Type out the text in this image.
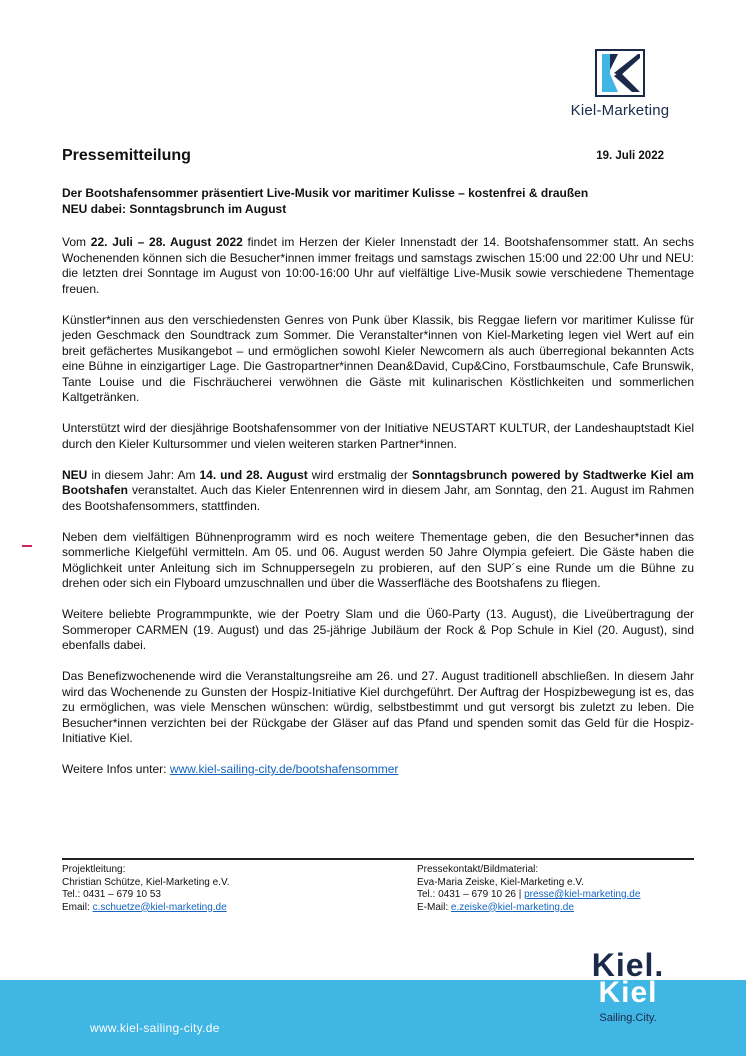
Kiel-Marketing
Pressemitteilung	19. Juli 2022
Der Bootshafensommer präsentiert Live-Musik vor maritimer Kulisse – kostenfrei & draußen
NEU dabei: Sonntagsbrunch im August

Vom 22. Juli – 28. August 2022 findet im Herzen der Kieler Innenstadt der 14. Bootshafensommer statt. An sechs Wochenenden können sich die Besucher*innen immer freitags und samstags zwischen 15:00 und 22:00 Uhr und NEU: die letzten drei Sonntage im August von 10:00-16:00 Uhr auf vielfältige Live-Musik sowie verschiedene Thementage freuen.

Künstler*innen aus den verschiedensten Genres von Punk über Klassik, bis Reggae liefern vor maritimer Kulisse für jeden Geschmack den Soundtrack zum Sommer. Die Veranstalter*innen von Kiel-Marketing legen viel Wert auf ein breit gefächertes Musikangebot – und ermöglichen sowohl Kieler Newcomern als auch überregional bekannten Acts eine Bühne in einzigartiger Lage. Die Gastropartner*innen Dean&David, Cup&Cino, Forstbaumschule, Cafe Brunswik, Tante Louise und die Fischräucherei verwöhnen die Gäste mit kulinarischen Köstlichkeiten und sommerlichen Kaltgetränken.

Unterstützt wird der diesjährige Bootshafensommer von der Initiative NEUSTART KULTUR, der Landeshauptstadt Kiel durch den Kieler Kultursommer und vielen weiteren starken Partner*innen.

NEU in diesem Jahr: Am 14. und 28. August wird erstmalig der Sonntagsbrunch powered by Stadtwerke Kiel am Bootshafen veranstaltet. Auch das Kieler Entenrennen wird in diesem Jahr, am Sonntag, den 21. August im Rahmen des Bootshafensommers, stattfinden.

Neben dem vielfältigen Bühnenprogramm wird es noch weitere Thementage geben, die den Besucher*innen das sommerliche Kielgefühl vermitteln. Am 05. und 06. August werden 50 Jahre Olympia gefeiert. Die Gäste haben die Möglichkeit unter Anleitung sich im Schnuppersegeln zu probieren, auf den SUP´s eine Runde um die Bühne zu drehen oder sich ein Flyboard umzuschnallen und über die Wasserfläche des Bootshafens zu fliegen.

Weitere beliebte Programmpunkte, wie der Poetry Slam und die Ü60-Party (13. August), die Liveübertragung der Sommeroper CARMEN (19. August) und das 25-jährige Jubiläum der Rock & Pop Schule in Kiel (20. August), sind ebenfalls dabei.

Das Benefizwochenende wird die Veranstaltungsreihe am 26. und 27. August traditionell abschließen. In diesem Jahr wird das Wochenende zu Gunsten der Hospiz-Initiative Kiel durchgeführt. Der Auftrag der Hospizbewegung ist es, das zu ermöglichen, was viele Menschen wünschen: würdig, selbstbestimmt und gut versorgt bis zuletzt zu leben. Die Besucher*innen verzichten bei der Rückgabe der Gläser auf das Pfand und spenden somit das Geld für die Hospiz-Initiative Kiel.

Weitere Infos unter: www.kiel-sailing-city.de/bootshafensommer

Projektleitung:
Christian Schütze, Kiel-Marketing e.V.
Tel.: 0431 – 679 10 53
Email: c.schuetze@kiel-marketing.de
Pressekontakt/Bildmaterial:
Eva-Maria Zeiske, Kiel-Marketing e.V.
Tel.: 0431 – 679 10 26 | presse@kiel-marketing.de
E-Mail: e.zeiske@kiel-marketing.de
www.kiel-sailing-city.de
Kiel.
Kiel
Sailing.City.
